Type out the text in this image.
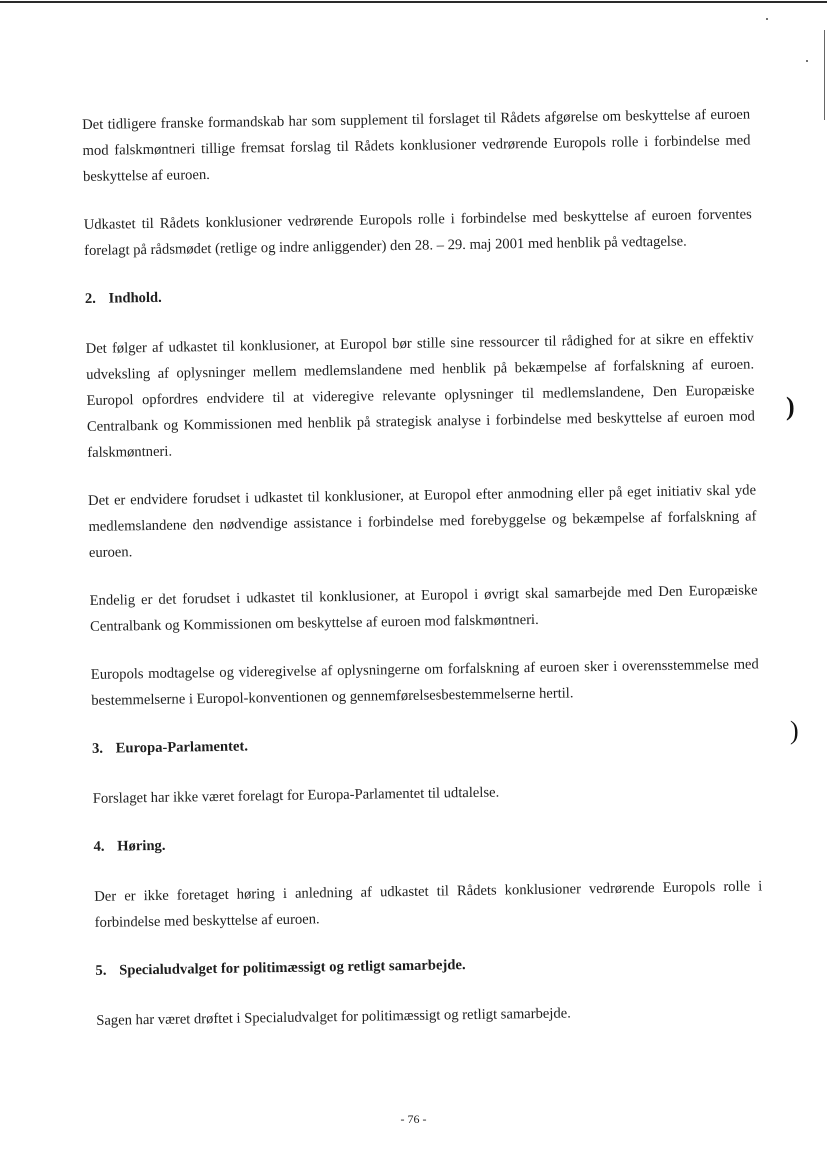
Det tidligere franske formandskab har som supplement til forslaget til Rådets afgørelse om beskyttelse af euroen mod falskmøntneri tillige fremsat forslag til Rådets konklusioner vedrørende Europols rolle i forbindelse med beskyttelse af euroen.

Udkastet til Rådets konklusioner vedrørende Europols rolle i forbindelse med beskyttelse af euroen forventes forelagt på rådsmødet (retlige og indre anliggender) den 28. – 29. maj 2001 med henblik på vedtagelse.

2. Indhold.

Det følger af udkastet til konklusioner, at Europol bør stille sine ressourcer til rådighed for at sikre en effektiv udveksling af oplysninger mellem medlemslandene med henblik på bekæmpelse af forfalskning af euroen. Europol opfordres endvidere til at videregive relevante oplysninger til medlemslandene, Den Europæiske Centralbank og Kommissionen med henblik på strategisk analyse i forbindelse med beskyttelse af euroen mod falskmøntneri.

Det er endvidere forudset i udkastet til konklusioner, at Europol efter anmodning eller på eget initiativ skal yde medlemslandene den nødvendige assistance i forbindelse med forebyggelse og bekæmpelse af forfalskning af euroen.

Endelig er det forudset i udkastet til konklusioner, at Europol i øvrigt skal samarbejde med Den Europæiske Centralbank og Kommissionen om beskyttelse af euroen mod falskmøntneri.

Europols modtagelse og videregivelse af oplysningerne om forfalskning af euroen sker i overensstemmelse med bestemmelserne i Europol-konventionen og gennemførelsesbestemmelserne hertil.

3. Europa-Parlamentet.

Forslaget har ikke været forelagt for Europa-Parlamentet til udtalelse.

4. Høring.

Der er ikke foretaget høring i anledning af udkastet til Rådets konklusioner vedrørende Europols rolle i forbindelse med beskyttelse af euroen.

5. Specialudvalget for politimæssigt og retligt samarbejde.

Sagen har været drøftet i Specialudvalget for politimæssigt og retligt samarbejde.

)
)
- 76 -
